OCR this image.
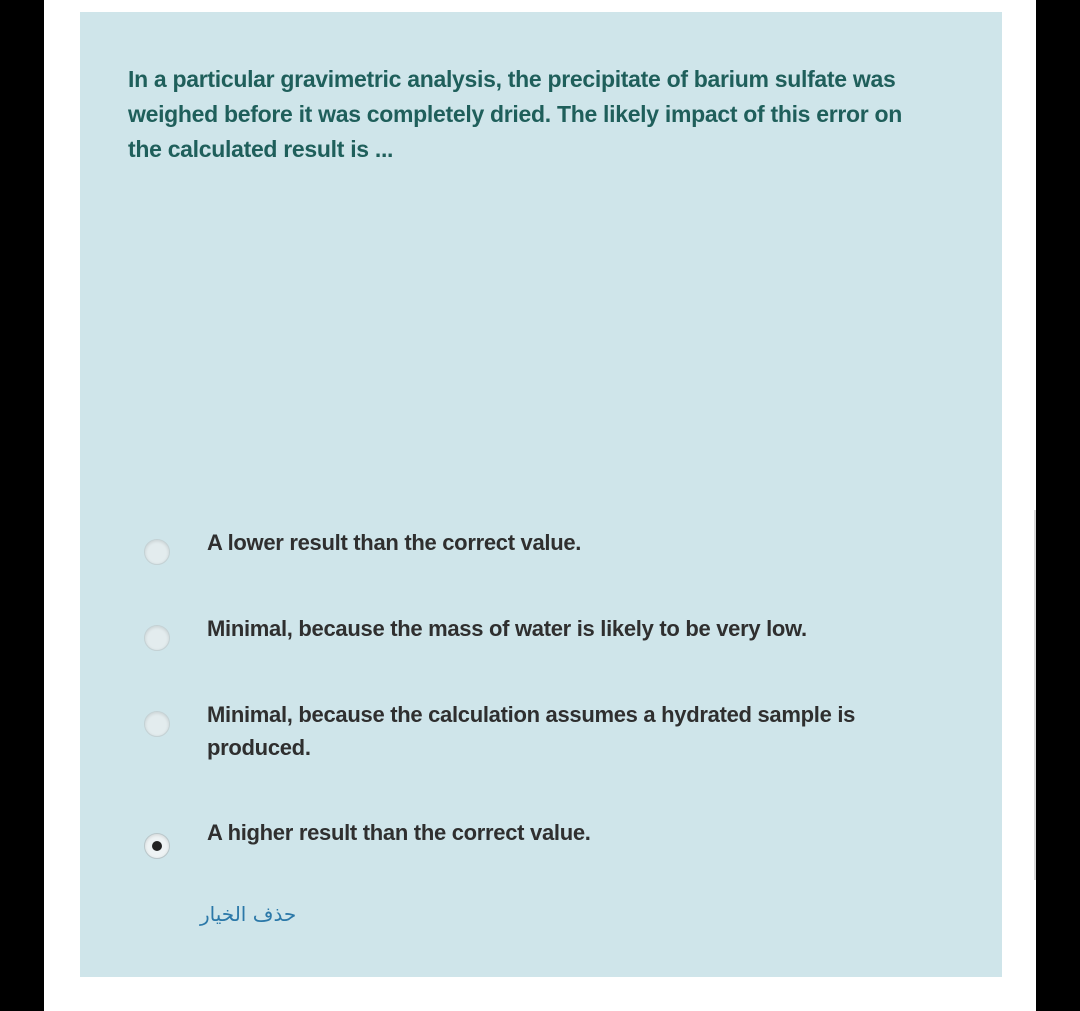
In a particular gravimetric analysis, the precipitate of barium sulfate was weighed before it was completely dried. The likely impact of this error on the calculated result is ...

A lower result than the correct value.
Minimal, because the mass of water is likely to be very low.
Minimal, because the calculation assumes a hydrated sample is produced.
A higher result than the correct value.
حذف الخيار
